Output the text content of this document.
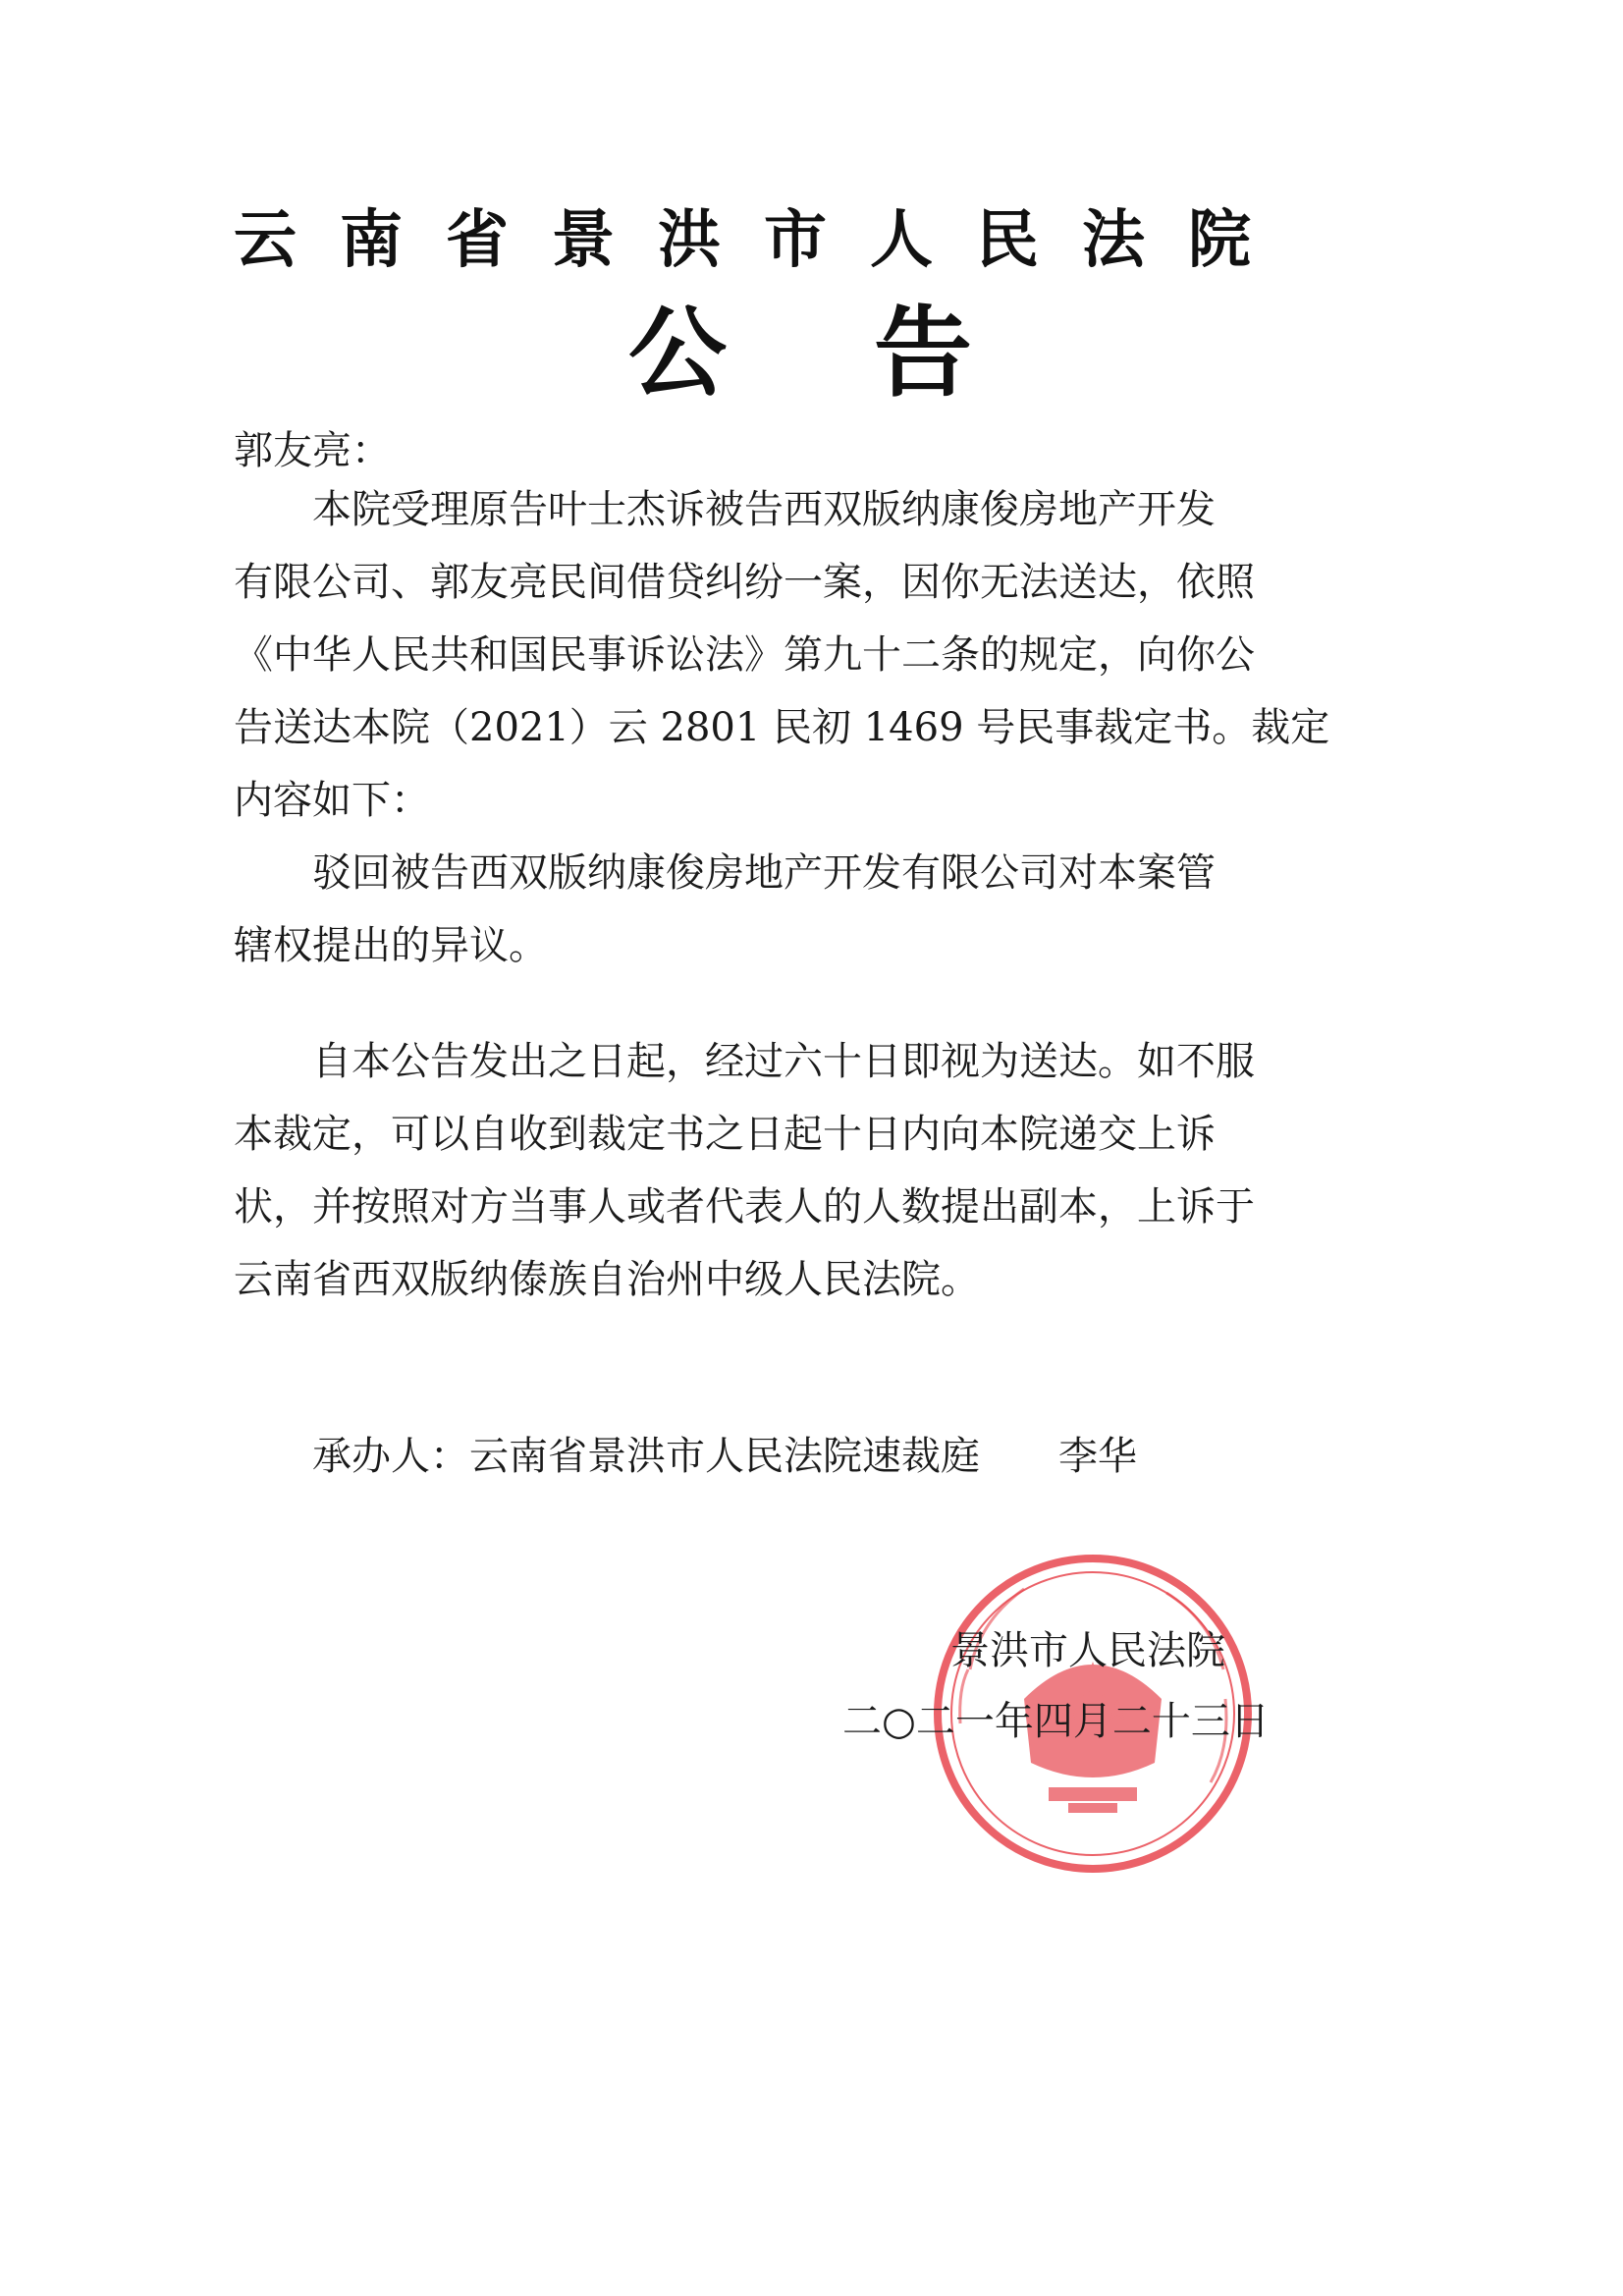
云南省景洪市人民法院
公告
郭友亮：
　　本院受理原告叶士杰诉被告西双版纳康俊房地产开发
有限公司、郭友亮民间借贷纠纷一案，因你无法送达，依照
《中华人民共和国民事诉讼法》第九十二条的规定，向你公
告送达本院（2021）云 2801 民初 1469 号民事裁定书。裁定
内容如下：
　　驳回被告西双版纳康俊房地产开发有限公司对本案管
辖权提出的异议。
　　自本公告发出之日起，经过六十日即视为送达。如不服
本裁定，可以自收到裁定书之日起十日内向本院递交上诉
状，并按照对方当事人或者代表人的人数提出副本，上诉于
云南省西双版纳傣族自治州中级人民法院。
　　承办人：云南省景洪市人民法院速裁庭　　李华
景洪市人民法院
二○二一年四月二十三日
